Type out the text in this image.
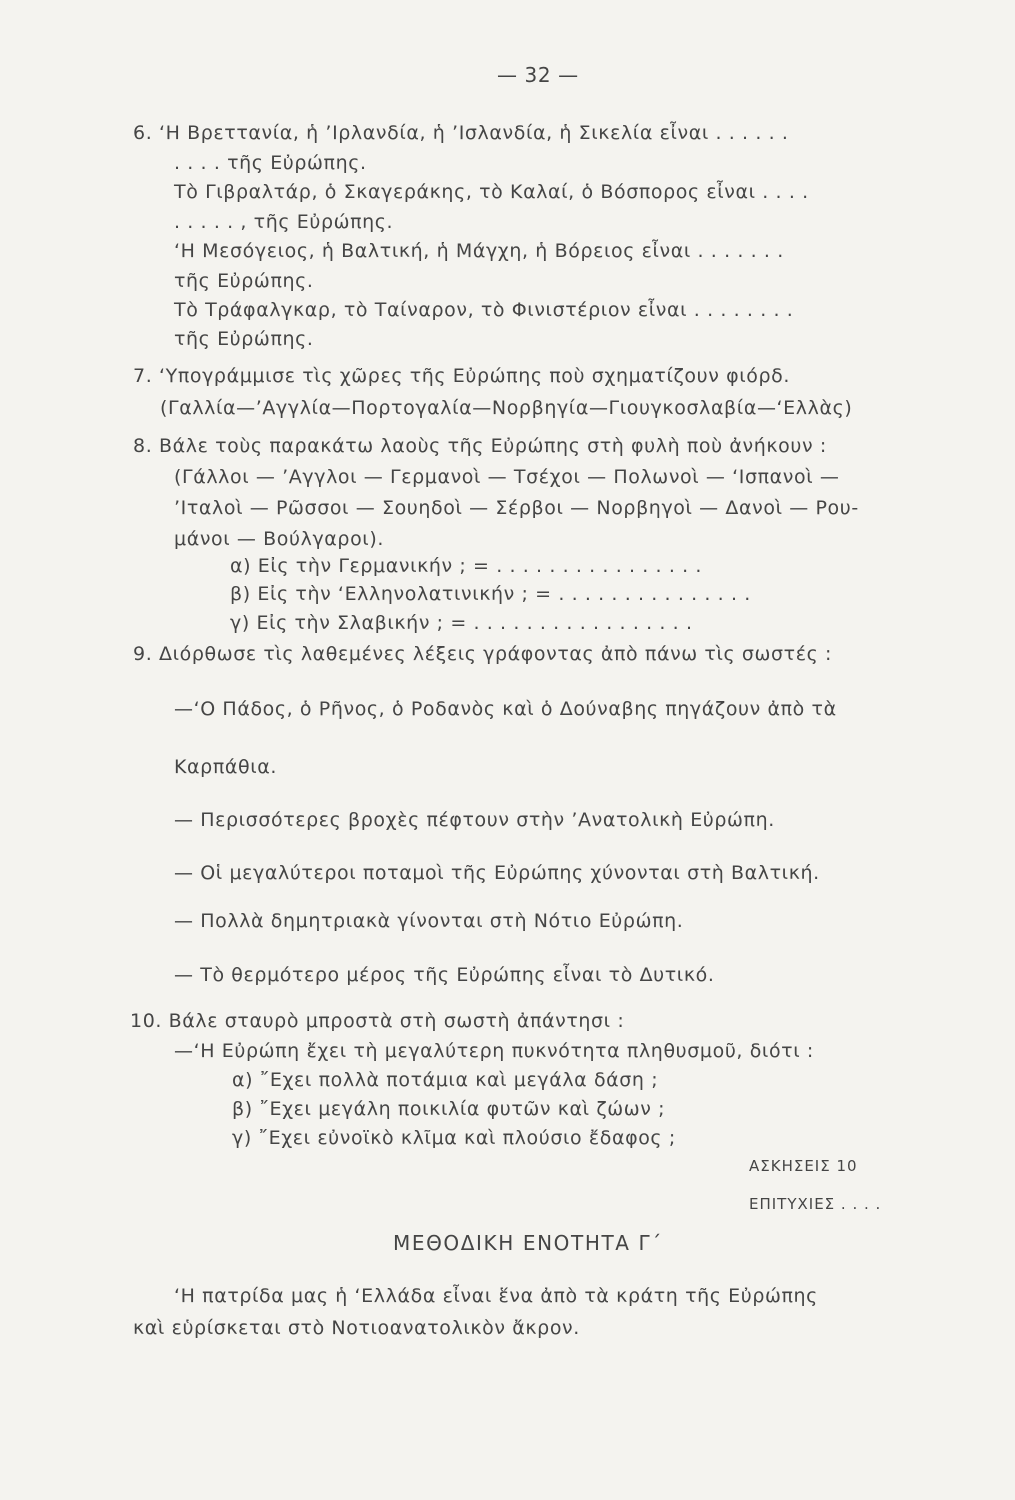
— 32 —
6. ‘Η Βρεττανία, ἡ ’Ιρλανδία, ἡ ’Ισλανδία, ἡ Σικελία εἶναι . . . . . .
. . . . τῆς Εὐρώπης.
Τὸ Γιβραλτάρ, ὁ Σκαγεράκης, τὸ Καλαί, ὁ Βόσπορος εἶναι . . . .
. . . . . , τῆς Εὐρώπης.
‘Η Μεσόγειος, ἡ Βαλτική, ἡ Μάγχη, ἡ Βόρειος εἶναι . . . . . . .
τῆς Εὐρώπης.
Τὸ Τράφαλγκαρ, τὸ Ταίναρον, τὸ Φινιστέριον εἶναι . . . . . . . .
τῆς Εὐρώπης.
7. ‘Υπογράμμισε τὶς χῶρες τῆς Εὐρώπης ποὺ σχηματίζουν φιόρδ.
(Γαλλία—’Αγγλία—Πορτογαλία—Νορβηγία—Γιουγκοσλαβία—‘Ελλὰς)
8. Βάλε τοὺς παρακάτω λαοὺς τῆς Εὐρώπης στὴ φυλὴ ποὺ ἀνήκουν :
(Γάλλοι — ’Αγγλοι — Γερμανοὶ — Τσέχοι — Πολωνοὶ — ‘Ισπανοὶ —
’Ιταλοὶ — Ρῶσσοι — Σουηδοὶ — Σέρβοι — Νορβηγοὶ — Δανοὶ — Ρου-
μάνοι — Βούλγαροι).
α) Εἰς τὴν Γερμανικήν ; = . . . . . . . . . . . . . . . .
β) Εἰς τὴν ‘Ελληνολατινικήν ; = . . . . . . . . . . . . . . .
γ) Εἰς τὴν Σλαβικήν ; = . . . . . . . . . . . . . . . . .
9. Διόρθωσε τὶς λαθεμένες λέξεις γράφοντας ἀπὸ πάνω τὶς σωστές :
—‘Ο Πάδος, ὁ Ρῆνος, ὁ Ροδανὸς καὶ ὁ Δούναβης πηγάζουν ἀπὸ τὰ
Καρπάθια.
— Περισσότερες βροχὲς πέφτουν στὴν ’Ανατολικὴ Εὐρώπη.
— Οἱ μεγαλύτεροι ποταμοὶ τῆς Εὐρώπης χύνονται στὴ Βαλτική.
— Πολλὰ δημητριακὰ γίνονται στὴ Νότιο Εὐρώπη.
— Τὸ θερμότερο μέρος τῆς Εὐρώπης εἶναι τὸ Δυτικό.
10. Βάλε σταυρὸ μπροστὰ στὴ σωστὴ ἀπάντησι :
—‘Η Εὐρώπη ἔχει τὴ μεγαλύτερη πυκνότητα πληθυσμοῦ, διότι :
α) ῎Εχει πολλὰ ποτάμια καὶ μεγάλα δάση ;
β) ῎Εχει μεγάλη ποικιλία φυτῶν καὶ ζώων ;
γ) ῎Εχει εὐνοϊκὸ κλῖμα καὶ πλούσιο ἔδαφος ;
ΑΣΚΗΣΕΙΣ 10
ΕΠΙΤΥΧΙΕΣ . . . .
ΜΕΘΟΔΙΚΗ ΕΝΟΤΗΤΑ Γ΄
‘Η πατρίδα μας ἡ ‘Ελλάδα εἶναι ἕνα ἀπὸ τὰ κράτη τῆς Εὐρώπης
καὶ εὑρίσκεται στὸ Νοτιοανατολικὸν ἄκρον.
